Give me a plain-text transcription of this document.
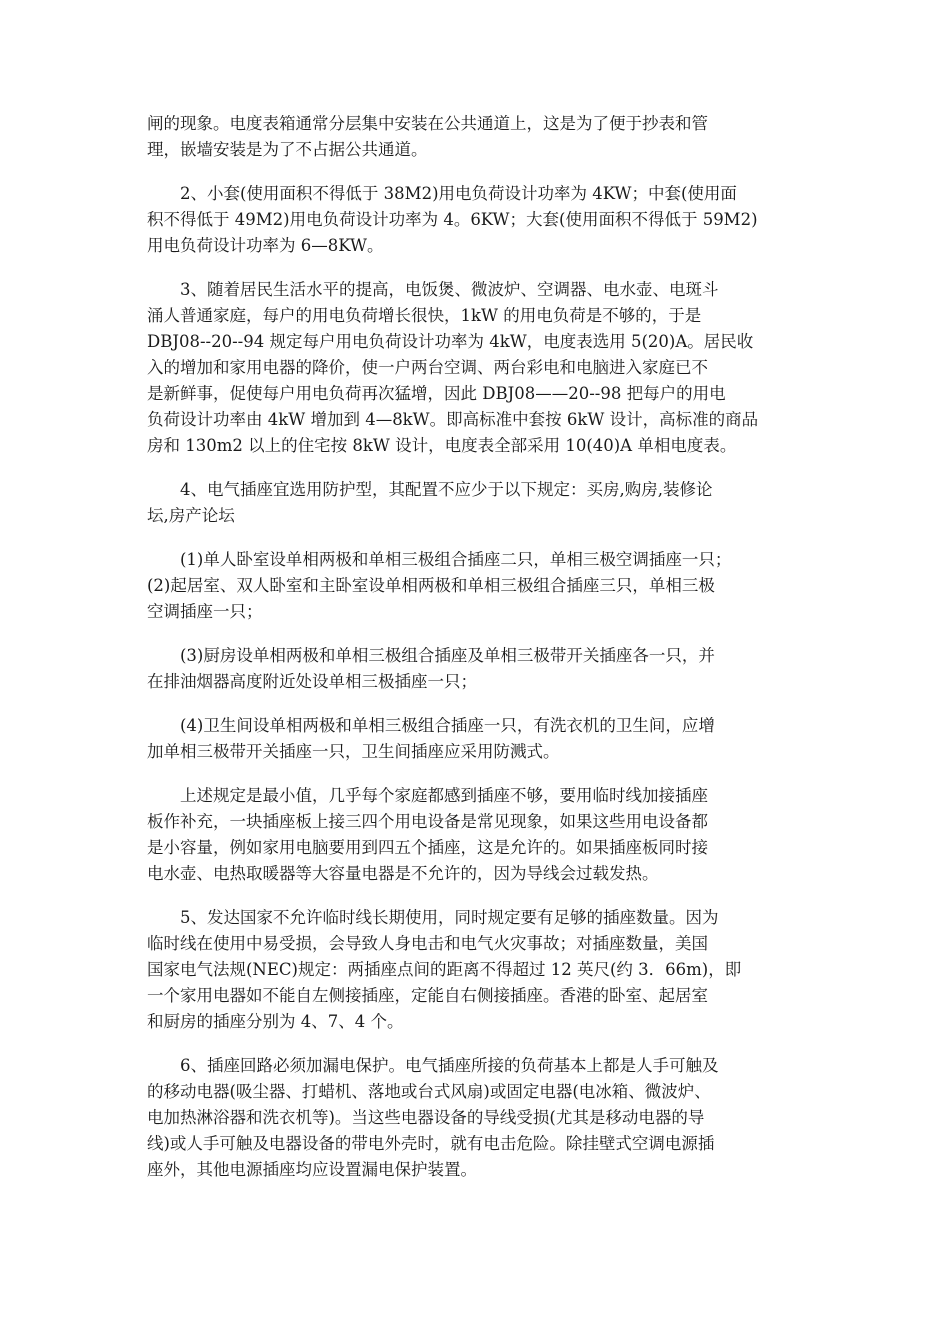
闸的现象。电度表箱通常分层集中安装在公共通道上，这是为了便于抄表和管
理，嵌墙安装是为了不占据公共通道。

2、小套(使用面积不得低于 38M2)用电负荷设计功率为 4KW；中套(使用面
积不得低于 49M2)用电负荷设计功率为 4。6KW；大套(使用面积不得低于 59M2)
用电负荷设计功率为 6—8KW。

3、随着居民生活水平的提高，电饭煲、微波炉、空调器、电水壶、电斑斗
涌人普通家庭，每户的用电负荷增长很快，1kW 的用电负荷是不够的，于是
DBJ08--20--94 规定每户用电负荷设计功率为 4kW，电度表选用 5(20)A。居民收
入的增加和家用电器的降价，使一户两台空调、两台彩电和电脑进入家庭已不
是新鲜事，促使每户用电负荷再次猛增，因此 DBJ08——20--98 把每户的用电
负荷设计功率由 4kW 增加到 4—8kW。即高标准中套按 6kW 设计，高标准的商品
房和 130m2 以上的住宅按 8kW 设计，电度表全部采用 10(40)A 单相电度表。

4、电气插座宜选用防护型，其配置不应少于以下规定：买房,购房,装修论
坛,房产论坛

(1)单人卧室设单相两极和单相三极组合插座二只，单相三极空调插座一只；
(2)起居室、双人卧室和主卧室设单相两极和单相三极组合插座三只，单相三极
空调插座一只；

(3)厨房设单相两极和单相三极组合插座及单相三极带开关插座各一只，并
在排油烟器高度附近处设单相三极插座一只；

(4)卫生间设单相两极和单相三极组合插座一只，有洗衣机的卫生间，应增
加单相三极带开关插座一只，卫生间插座应采用防溅式。

上述规定是最小值，几乎每个家庭都感到插座不够，要用临时线加接插座
板作补充，一块插座板上接三四个用电设备是常见现象，如果这些用电设备都
是小容量，例如家用电脑要用到四五个插座，这是允许的。如果插座板同时接
电水壶、电热取暖器等大容量电器是不允许的，因为导线会过载发热。

5、发达国家不允许临时线长期使用，同时规定要有足够的插座数量。因为
临时线在使用中易受损，会导致人身电击和电气火灾事故；对插座数量，美国
国家电气法规(NEC)规定：两插座点间的距离不得超过 12 英尺(约 3．66m)，即
一个家用电器如不能自左侧接插座，定能自右侧接插座。香港的卧室、起居室
和厨房的插座分别为 4、7、4 个。

6、插座回路必须加漏电保护。电气插座所接的负荷基本上都是人手可触及
的移动电器(吸尘器、打蜡机、落地或台式风扇)或固定电器(电冰箱、微波炉、
电加热淋浴器和洗衣机等)。当这些电器设备的导线受损(尤其是移动电器的导
线)或人手可触及电器设备的带电外壳时，就有电击危险。除挂壁式空调电源插
座外，其他电源插座均应设置漏电保护装置。
